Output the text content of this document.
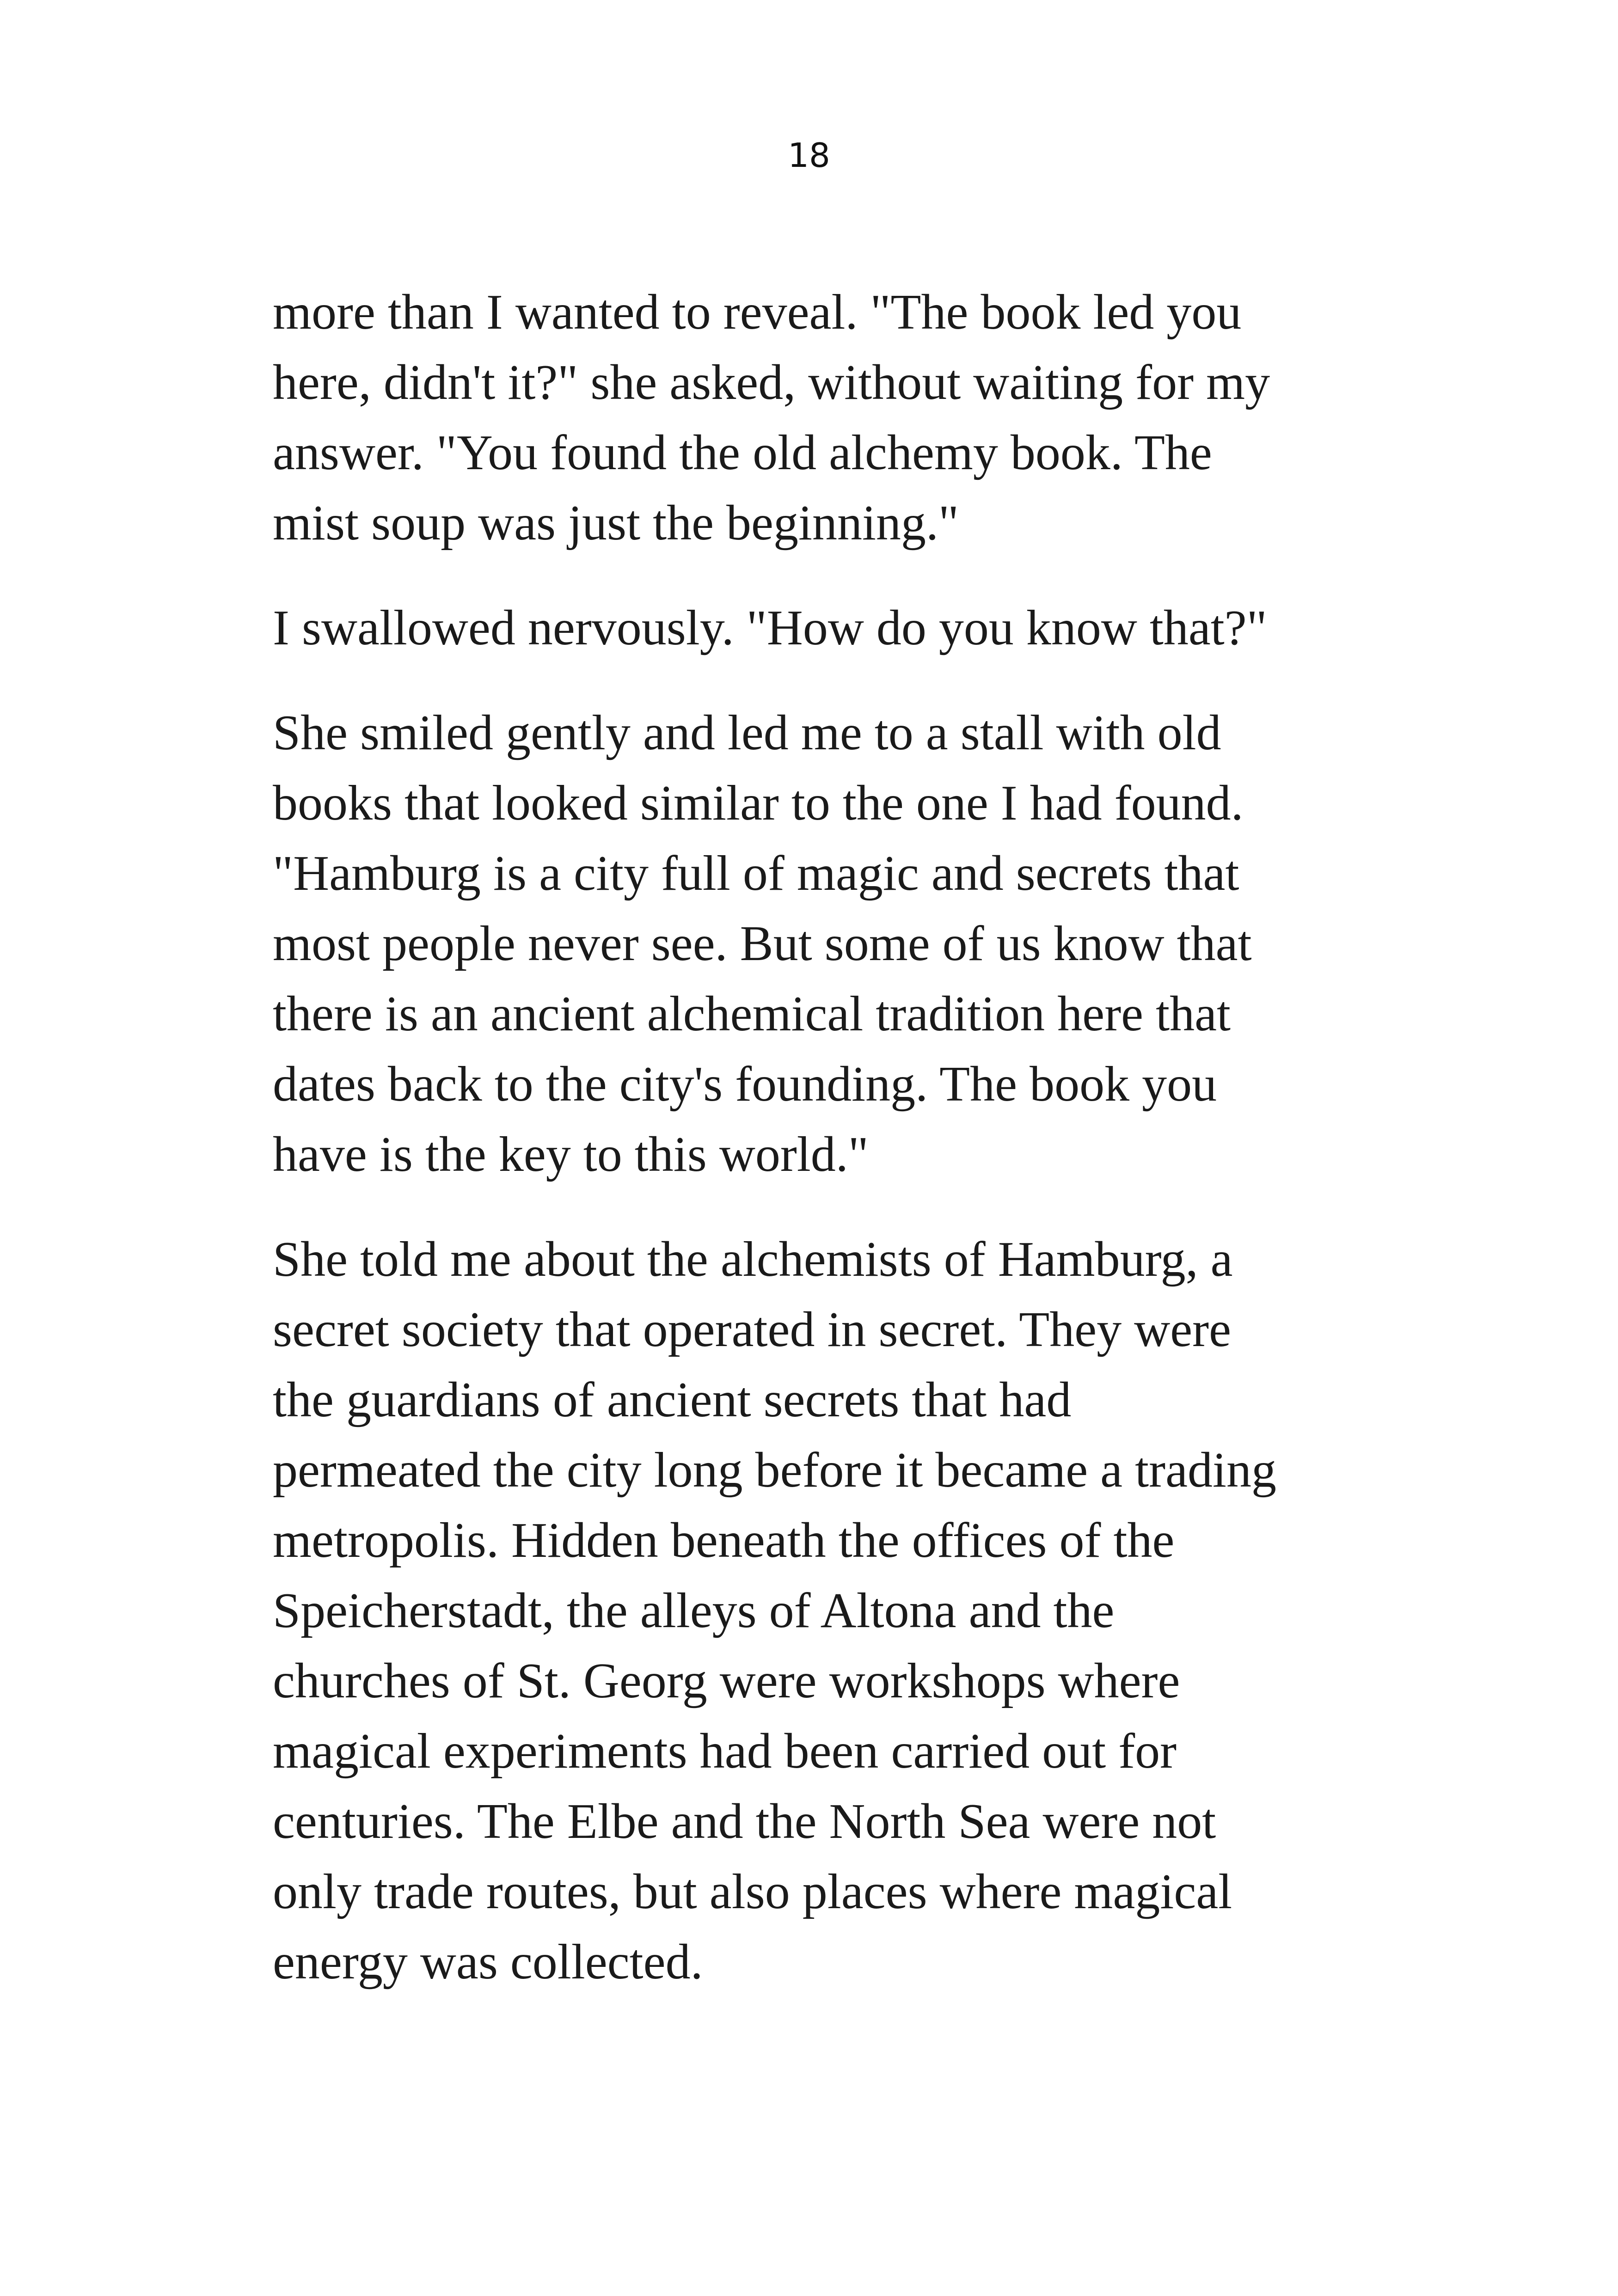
18

more than I wanted to reveal. "The book led you
here, didn't it?" she asked, without waiting for my
answer. "You found the old alchemy book. The
mist soup was just the beginning."

I swallowed nervously. "How do you know that?"

She smiled gently and led me to a stall with old
books that looked similar to the one I had found.
"Hamburg is a city full of magic and secrets that
most people never see. But some of us know that
there is an ancient alchemical tradition here that
dates back to the city's founding. The book you
have is the key to this world."

She told me about the alchemists of Hamburg, a
secret society that operated in secret. They were
the guardians of ancient secrets that had
permeated the city long before it became a trading
metropolis. Hidden beneath the offices of the
Speicherstadt, the alleys of Altona and the
churches of St. Georg were workshops where
magical experiments had been carried out for
centuries. The Elbe and the North Sea were not
only trade routes, but also places where magical
energy was collected.
